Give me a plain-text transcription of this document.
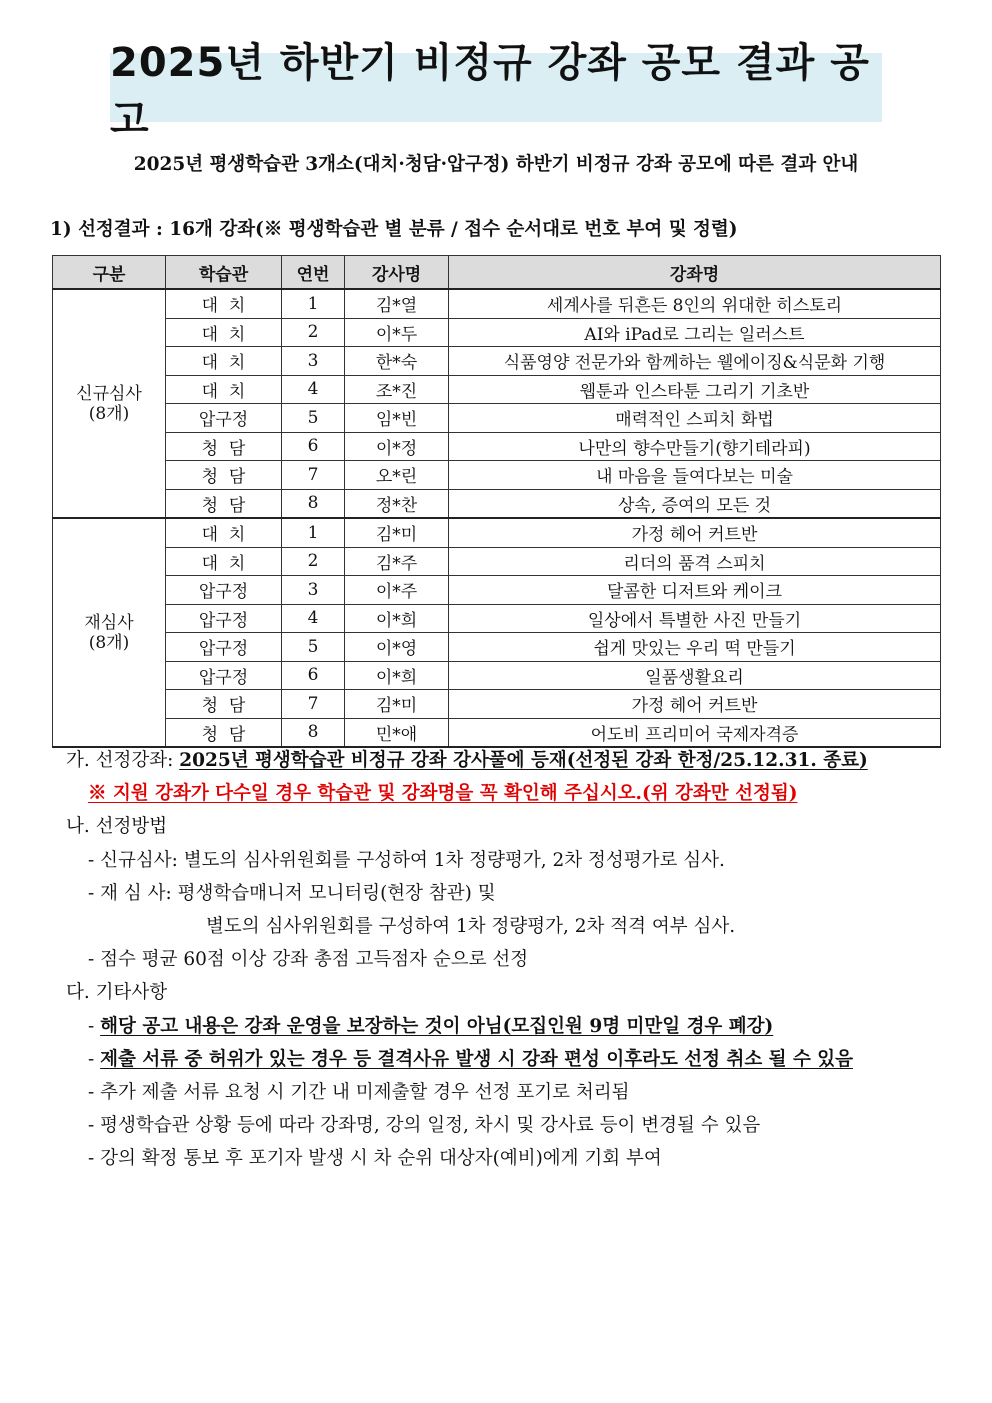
2025년 하반기 비정규 강좌 공모 결과 공고
2025년 평생학습관 3개소(대치·청담·압구정) 하반기 비정규 강좌 공모에 따른 결과 안내
1) 선정결과 : 16개 강좌(※ 평생학습관 별 분류 / 접수 순서대로 번호 부여 및 정렬)
구분	학습관	연번	강사명	강좌명

신규심사
(8개)	대  치	1	김*열	세계사를 뒤흔든 8인의 위대한 히스토리
	대  치	2	이*두	AI와 iPad로 그리는 일러스트
	대  치	3	한*숙	식품영양 전문가와 함께하는 웰에이징&식문화 기행
	대  치	4	조*진	웹툰과 인스타툰 그리기 기초반
	압구정	5	임*빈	매력적인 스피치 화법
	청  담	6	이*정	나만의 향수만들기(향기테라피)
	청  담	7	오*린	내 마음을 들여다보는 미술
	청  담	8	정*찬	상속, 증여의 모든 것

재심사
(8개)	대  치	1	김*미	가정 헤어 커트반
	대  치	2	김*주	리더의 품격 스피치
	압구정	3	이*주	달콤한 디저트와 케이크
	압구정	4	이*희	일상에서 특별한 사진 만들기
	압구정	5	이*영	쉽게 맛있는 우리 떡 만들기
	압구정	6	이*희	일품생활요리
	청  담	7	김*미	가정 헤어 커트반
	청  담	8	민*애	어도비 프리미어 국제자격증
가. 선정강좌: 2025년 평생학습관 비정규 강좌 강사풀에 등재(선정된 강좌 한정/25.12.31. 종료)
※ 지원 강좌가 다수일 경우 학습관 및 강좌명을 꼭 확인해 주십시오.(위 강좌만 선정됨)
나. 선정방법
- 신규심사: 별도의 심사위원회를 구성하여 1차 정량평가, 2차 정성평가로 심사.
- 재 심 사: 평생학습매니저 모니터링(현장 참관) 및
별도의 심사위원회를 구성하여 1차 정량평가, 2차 적격 여부 심사.
- 점수 평균 60점 이상 강좌 총점 고득점자 순으로 선정
다. 기타사항
- 해당 공고 내용은 강좌 운영을 보장하는 것이 아님(모집인원 9명 미만일 경우 폐강)
- 제출 서류 중 허위가 있는 경우 등 결격사유 발생 시 강좌 편성 이후라도 선정 취소 될 수 있음
- 추가 제출 서류 요청 시 기간 내 미제출할 경우 선정 포기로 처리됨
- 평생학습관 상황 등에 따라 강좌명, 강의 일정, 차시 및 강사료 등이 변경될 수 있음
- 강의 확정 통보 후 포기자 발생 시 차 순위 대상자(예비)에게 기회 부여
